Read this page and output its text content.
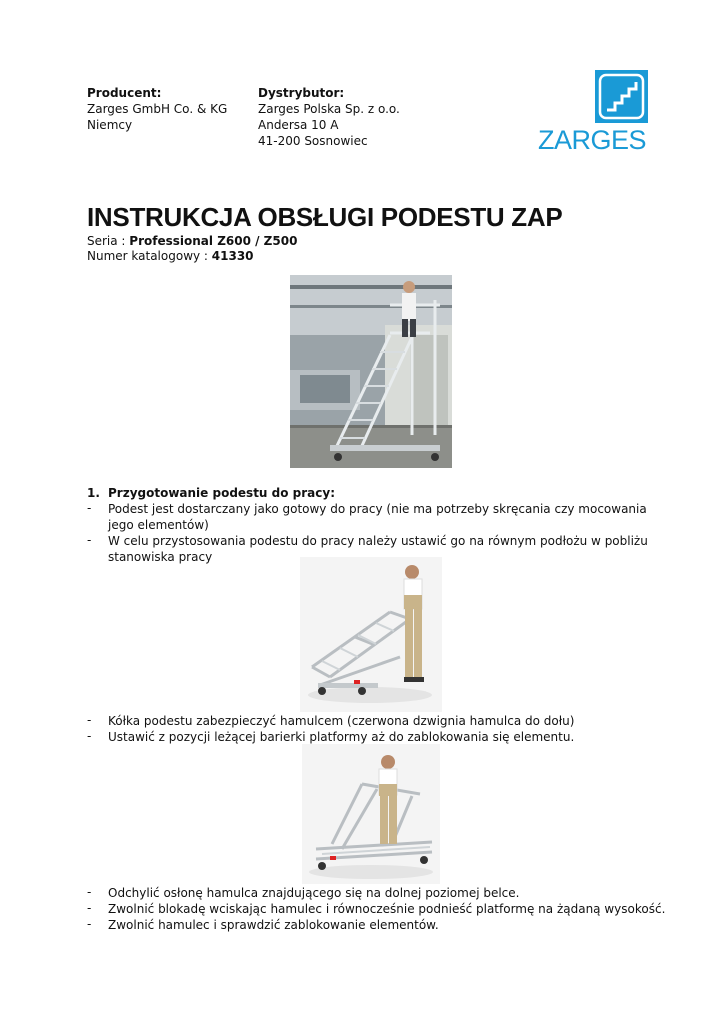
Producent:
Zarges GmbH Co. & KG
Niemcy
Dystrybutor:
Zarges Polska Sp. z o.o.
Andersa 10 A
41-200 Sosnowiec	ZARGES
INSTRUKCJA OBSŁUGI PODESTU ZAP
Seria : Professional Z600 / Z500
Numer katalogowy : 41330
1. Przygotowanie podestu do pracy:
-	Podest jest dostarczany jako gotowy do pracy (nie ma potrzeby skręcania czy mocowania jego elementów)
-	W celu przystosowania podestu do pracy należy ustawić go na równym podłożu w pobliżu stanowiska pracy
-	Kółka podestu zabezpieczyć hamulcem (czerwona dzwignia hamulca do dołu)
-	Ustawić z pozycji leżącej barierki platformy aż do zablokowania się elementu.
-	Odchylić osłonę hamulca znajdującego się na dolnej poziomej belce.
-	Zwolnić blokadę wciskając hamulec i równocześnie podnieść platformę na żądaną wysokość.
-	Zwolnić hamulec i sprawdzić zablokowanie elementów.
